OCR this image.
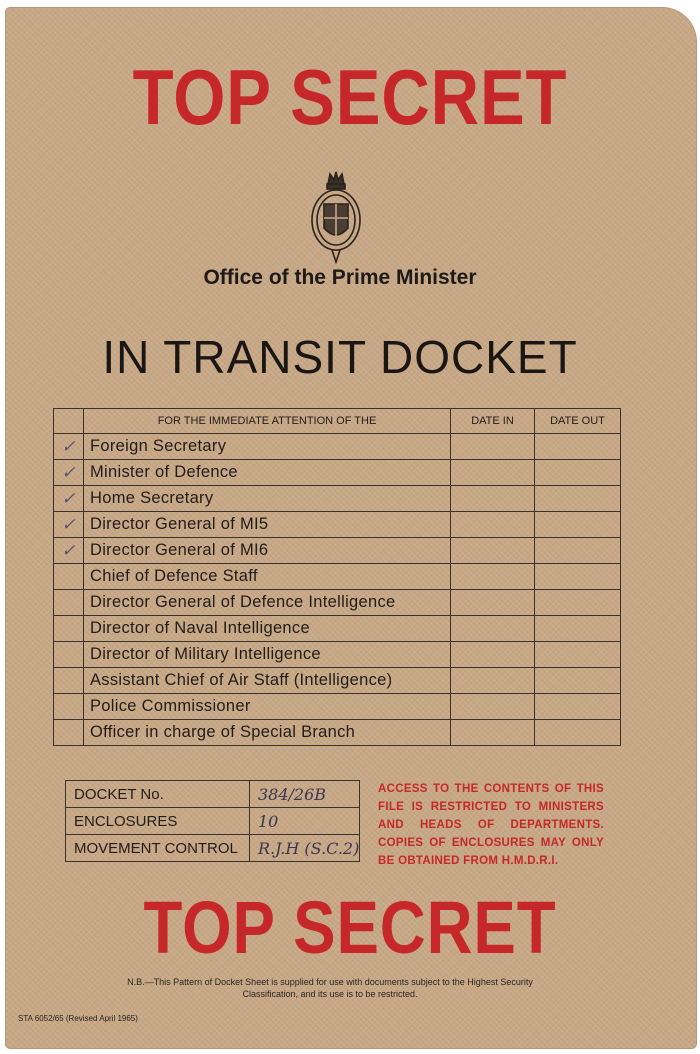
TOP SECRET
Office of the Prime Minister
IN TRANSIT DOCKET
	FOR THE IMMEDIATE ATTENTION OF THE	DATE IN	DATE OUT
✓	Foreign Secretary		
✓	Minister of Defence		
✓	Home Secretary		
✓	Director General of MI5		
✓	Director General of MI6		
	Chief of Defence Staff		
	Director General of Defence Intelligence		
	Director of Naval Intelligence		
	Director of Military Intelligence		
	Assistant Chief of Air Staff (Intelligence)		
	Police Commissioner		
	Officer in charge of Special Branch		
DOCKET No.	384/26B
ENCLOSURES	10
MOVEMENT CONTROL	R.J.H (S.C.2)
ACCESS TO THE CONTENTS OF THIS FILE IS RESTRICTED TO MINISTERS AND HEADS OF DEPARTMENTS. COPIES OF ENCLOSURES MAY ONLY BE OBTAINED FROM H.M.D.R.I.
TOP SECRET
N.B.—This Pattern of Docket Sheet is supplied for use with documents subject to the Highest Security Classification, and its use is to be restricted.
STA 6052/65 (Revised April 1965)
